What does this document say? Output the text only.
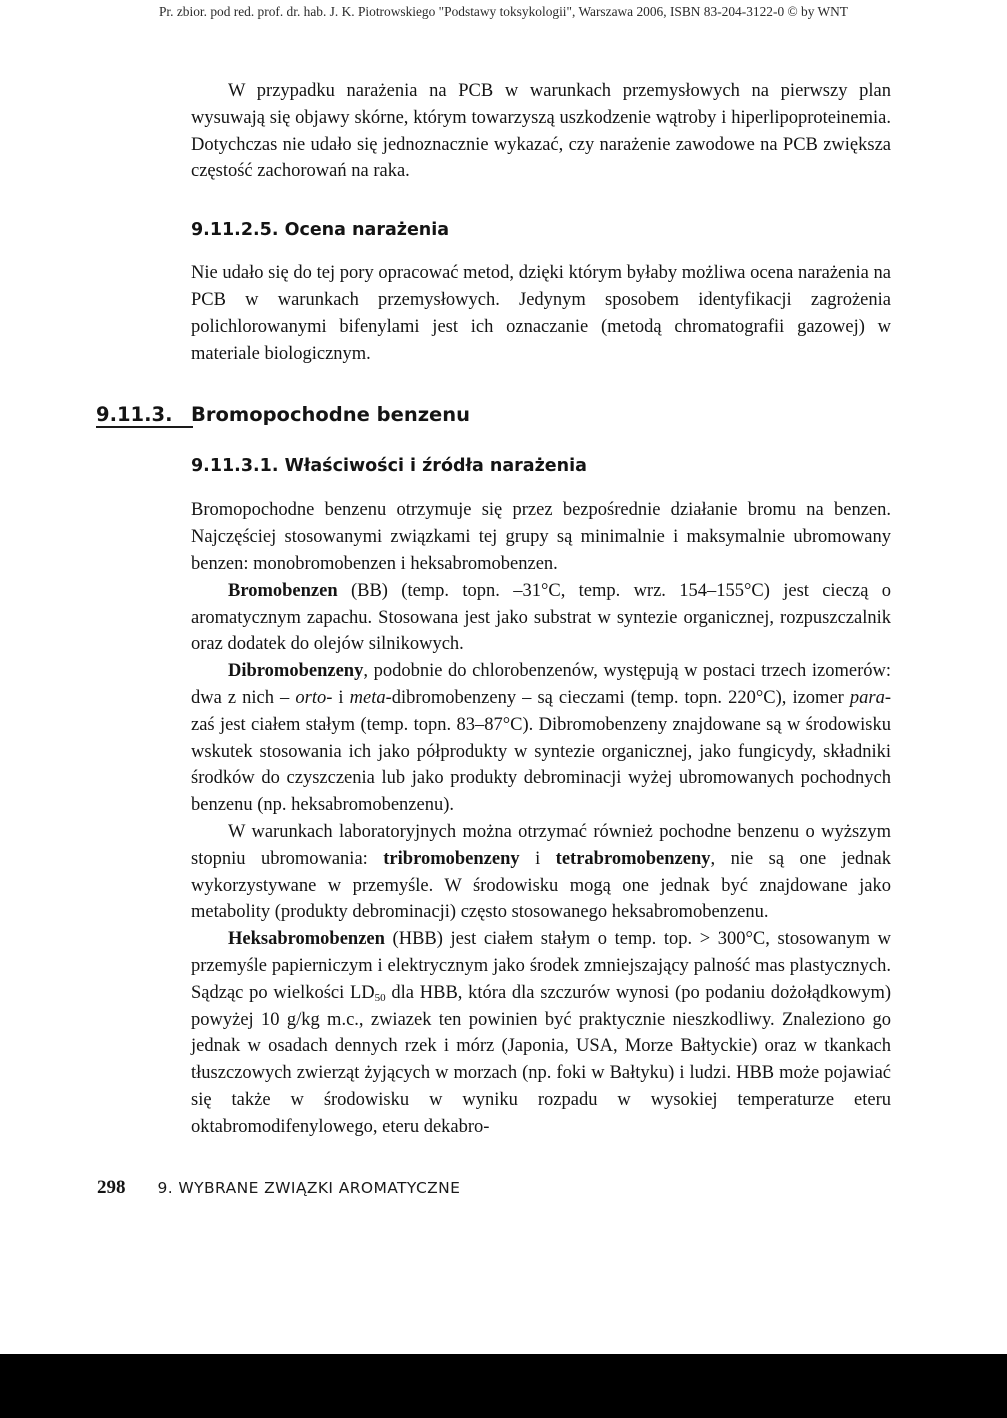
Pr. zbior. pod red. prof. dr. hab. J. K. Piotrowskiego "Podstawy toksykologii", Warszawa 2006, ISBN 83-204-3122-0 © by WNT

W przypadku narażenia na PCB w warunkach przemysłowych na pierwszy plan wysuwają się objawy skórne, którym towarzyszą uszkodzenie wątroby i hiperlipoproteinemia. Dotychczas nie udało się jednoznacznie wykazać, czy narażenie zawodowe na PCB zwiększa częstość zachorowań na raka.

9.11.2.5. Ocena narażenia

Nie udało się do tej pory opracować metod, dzięki którym byłaby możliwa ocena narażenia na PCB w warunkach przemysłowych. Jedynym sposobem identyfikacji zagrożenia polichlorowanymi bifenylami jest ich oznaczanie (metodą chromatografii gazowej) w materiale biologicznym.

9.11.3. Bromopochodne benzenu
9.11.3.1. Właściwości i źródła narażenia

Bromopochodne benzenu otrzymuje się przez bezpośrednie działanie bromu na benzen. Najczęściej stosowanymi związkami tej grupy są minimalnie i maksymalnie ubromowany benzen: monobromobenzen i heksabromobenzen.

Bromobenzen (BB) (temp. topn. –31°C, temp. wrz. 154–155°C) jest cieczą o aromatycznym zapachu. Stosowana jest jako substrat w syntezie organicznej, rozpuszczalnik oraz dodatek do olejów silnikowych.

Dibromobenzeny, podobnie do chlorobenzenów, występują w postaci trzech izomerów: dwa z nich – orto- i meta-dibromobenzeny – są cieczami (temp. topn. 220°C), izomer para- zaś jest ciałem stałym (temp. topn. 83–87°C). Dibromobenzeny znajdowane są w środowisku wskutek stosowania ich jako półprodukty w syntezie organicznej, jako fungicydy, składniki środków do czyszczenia lub jako produkty debrominacji wyżej ubromowanych pochodnych benzenu (np. heksabromobenzenu).

W warunkach laboratoryjnych można otrzymać również pochodne benzenu o wyższym stopniu ubromowania: tribromobenzeny i tetrabromobenzeny, nie są one jednak wykorzystywane w przemyśle. W środowisku mogą one jednak być znajdowane jako metabolity (produkty debrominacji) często stosowanego heksabromobenzenu.

Heksabromobenzen (HBB) jest ciałem stałym o temp. top. > 300°C, stosowanym w przemyśle papierniczym i elektrycznym jako środek zmniejszający palność mas plastycznych. Sądząc po wielkości $LD_{50}$ dla HBB, która dla szczurów wynosi (po podaniu dożołądkowym) powyżej 10 g/kg m.c., zwiazek ten powinien być praktycznie nieszkodliwy. Znaleziono go jednak w osadach dennych rzek i mórz (Japonia, USA, Morze Bałtyckie) oraz w tkankach tłuszczowych zwierząt żyjących w morzach (np. foki w Bałtyku) i ludzi. HBB może pojawiać się także w środowisku w wyniku rozpadu w wysokiej temperaturze eteru oktabromodifenylowego, eteru dekabro-

298 9. WYBRANE ZWIĄZKI AROMATYCZNE
